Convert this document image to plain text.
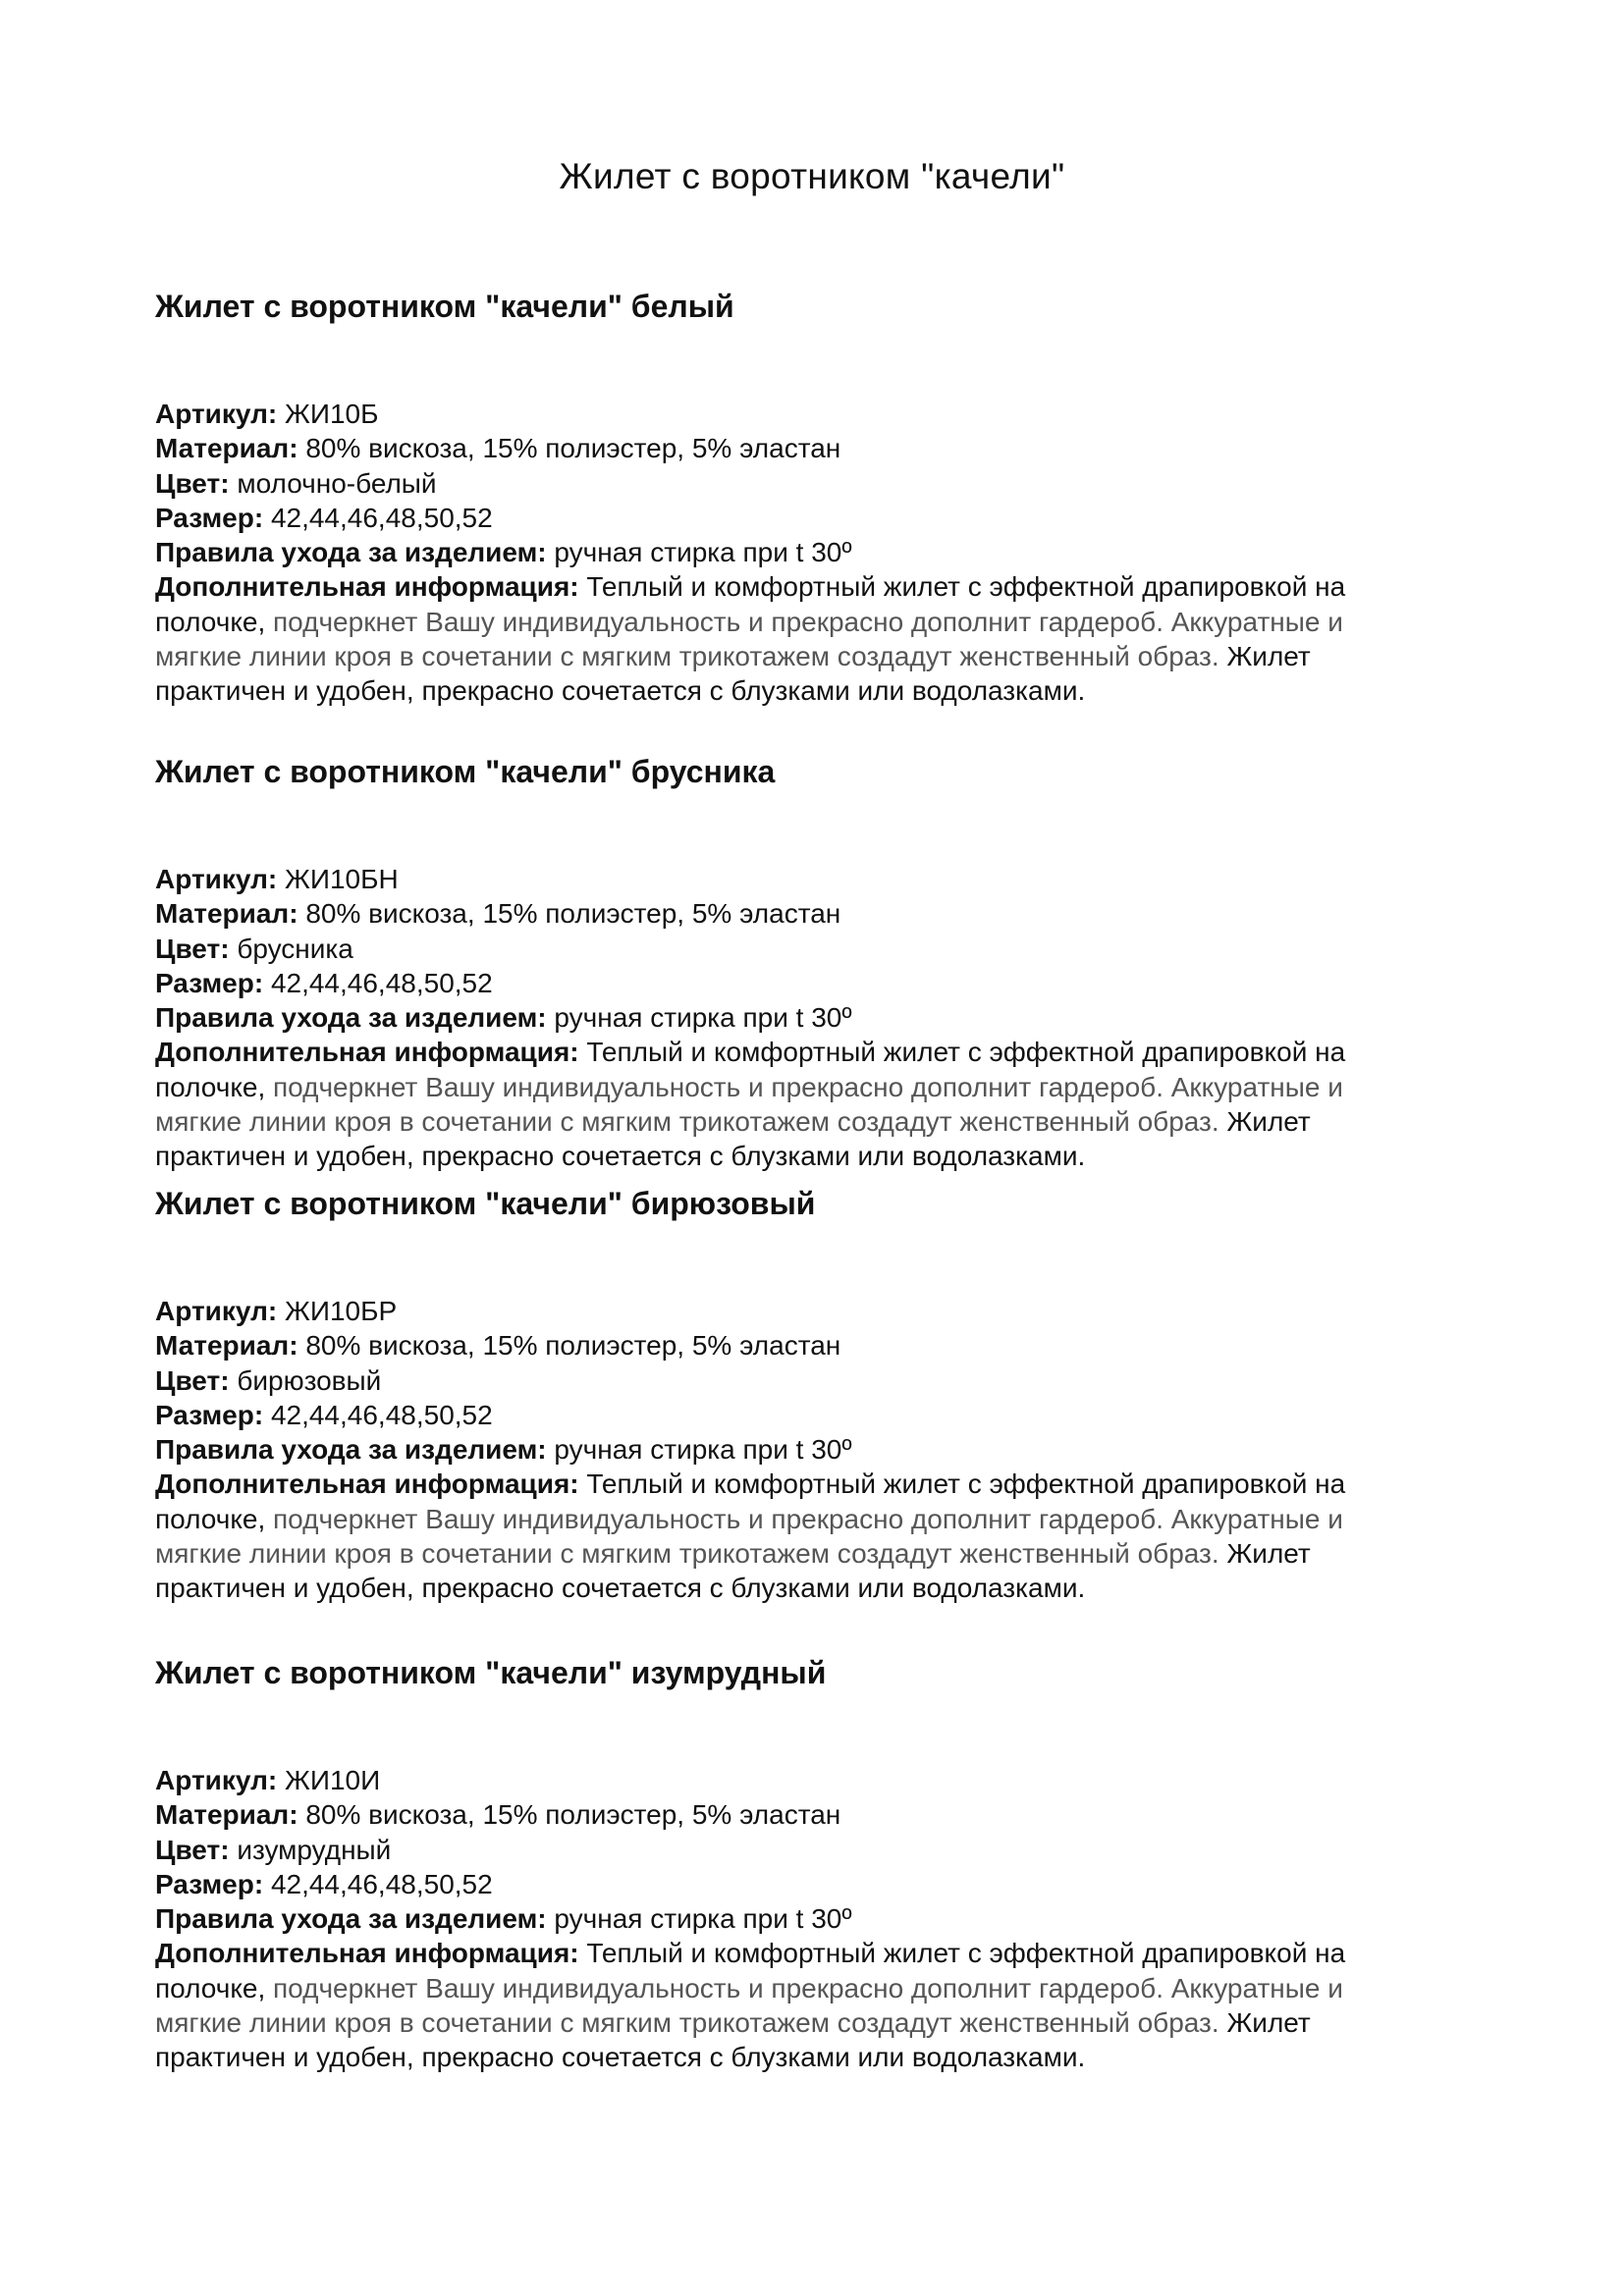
Жилет с воротником "качели"
Жилет с воротником "качели" белый
Артикул: ЖИ10Б
Материал: 80% вискоза, 15% полиэстер, 5% эластан
Цвет: молочно-белый
Размер: 42,44,46,48,50,52
Правила ухода за изделием: ручная стирка при t 30º
Дополнительная информация: Теплый и комфортный жилет с эффектной драпировкой на
полочке, подчеркнет Вашу индивидуальность и прекрасно дополнит гардероб. Аккуратные и
мягкие линии кроя в сочетании с мягким трикотажем создадут женственный образ. Жилет
практичен и удобен, прекрасно сочетается с блузками или водолазками.
Жилет с воротником "качели" брусника
Артикул: ЖИ10БН
Материал: 80% вискоза, 15% полиэстер, 5% эластан
Цвет: брусника
Размер: 42,44,46,48,50,52
Правила ухода за изделием: ручная стирка при t 30º
Дополнительная информация: Теплый и комфортный жилет с эффектной драпировкой на
полочке, подчеркнет Вашу индивидуальность и прекрасно дополнит гардероб. Аккуратные и
мягкие линии кроя в сочетании с мягким трикотажем создадут женственный образ. Жилет
практичен и удобен, прекрасно сочетается с блузками или водолазками.
Жилет с воротником "качели" бирюзовый
Артикул: ЖИ10БР
Материал: 80% вискоза, 15% полиэстер, 5% эластан
Цвет: бирюзовый
Размер: 42,44,46,48,50,52
Правила ухода за изделием: ручная стирка при t 30º
Дополнительная информация: Теплый и комфортный жилет с эффектной драпировкой на
полочке, подчеркнет Вашу индивидуальность и прекрасно дополнит гардероб. Аккуратные и
мягкие линии кроя в сочетании с мягким трикотажем создадут женственный образ. Жилет
практичен и удобен, прекрасно сочетается с блузками или водолазками.
Жилет с воротником "качели" изумрудный
Артикул: ЖИ10И
Материал: 80% вискоза, 15% полиэстер, 5% эластан
Цвет: изумрудный
Размер: 42,44,46,48,50,52
Правила ухода за изделием: ручная стирка при t 30º
Дополнительная информация: Теплый и комфортный жилет с эффектной драпировкой на
полочке, подчеркнет Вашу индивидуальность и прекрасно дополнит гардероб. Аккуратные и
мягкие линии кроя в сочетании с мягким трикотажем создадут женственный образ. Жилет
практичен и удобен, прекрасно сочетается с блузками или водолазками.
